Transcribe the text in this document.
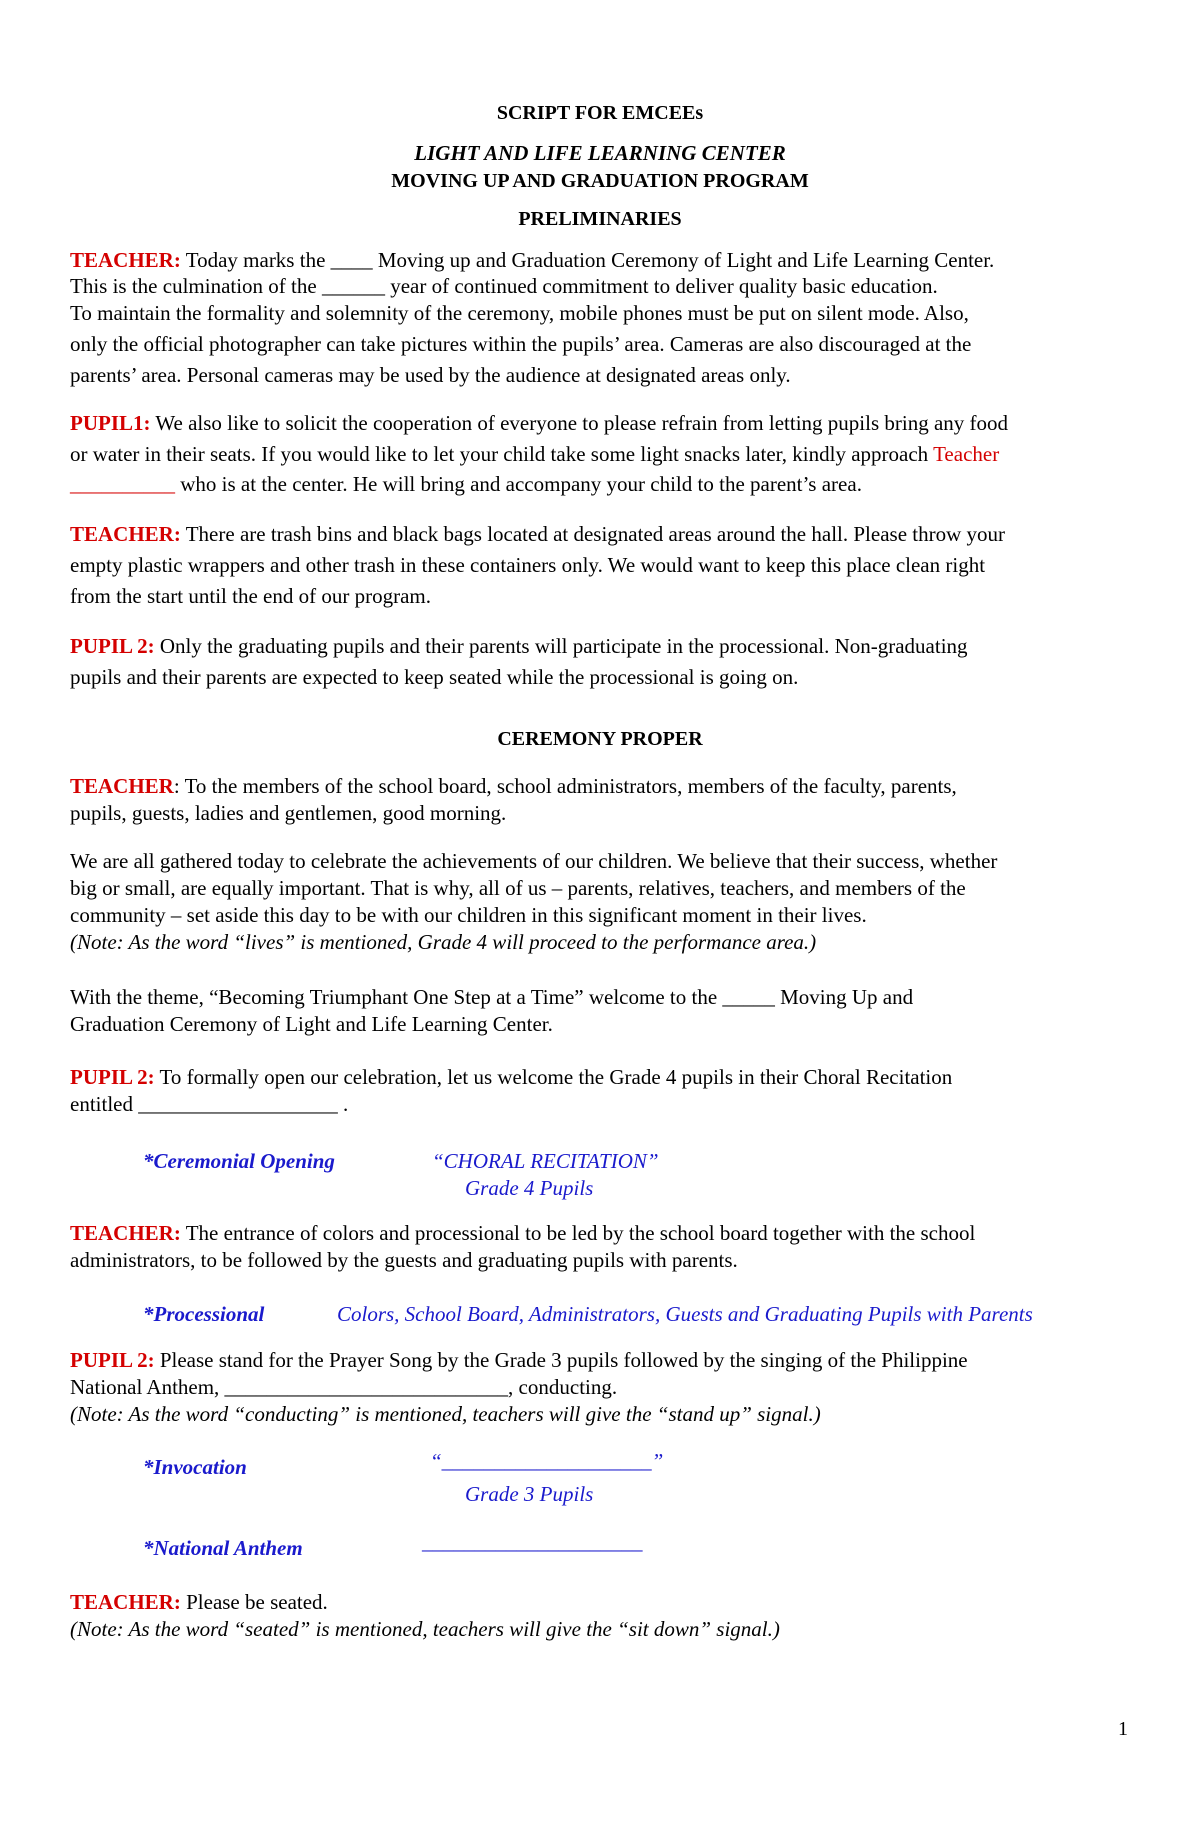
SCRIPT FOR EMCEEs
LIGHT AND LIFE LEARNING CENTER
MOVING UP AND GRADUATION PROGRAM
PRELIMINARIES
TEACHER: Today marks the ____ Moving up and Graduation Ceremony of Light and Life Learning Center.
This is the culmination of the ______ year of continued commitment to deliver quality basic education.
To maintain the formality and solemnity of the ceremony, mobile phones must be put on silent mode. Also,
only the official photographer can take pictures within the pupils’ area. Cameras are also discouraged at the
parents’ area. Personal cameras may be used by the audience at designated areas only.
PUPIL1: We also like to solicit the cooperation of everyone to please refrain from letting pupils bring any food
or water in their seats. If you would like to let your child take some light snacks later, kindly approach Teacher
__________ who is at the center. He will bring and accompany your child to the parent’s area.
TEACHER: There are trash bins and black bags located at designated areas around the hall. Please throw your
empty plastic wrappers and other trash in these containers only. We would want to keep this place clean right
from the start until the end of our program.
PUPIL 2: Only the graduating pupils and their parents will participate in the processional. Non-graduating
pupils and their parents are expected to keep seated while the processional is going on.
CEREMONY PROPER
TEACHER: To the members of the school board, school administrators, members of the faculty, parents,
pupils, guests, ladies and gentlemen, good morning.
We are all gathered today to celebrate the achievements of our children. We believe that their success, whether
big or small, are equally important. That is why, all of us – parents, relatives, teachers, and members of the
community – set aside this day to be with our children in this significant moment in their lives.
(Note: As the word “lives” is mentioned, Grade 4 will proceed to the performance area.)
With the theme, “Becoming Triumphant One Step at a Time” welcome to the _____ Moving Up and
Graduation Ceremony of Light and Life Learning Center.
PUPIL 2: To formally open our celebration, let us welcome the Grade 4 pupils in their Choral Recitation
entitled ___________________ .
*Ceremonial Opening	“CHORAL RECITATION”
Grade 4 Pupils
TEACHER: The entrance of colors and processional to be led by the school board together with the school
administrators, to be followed by the guests and graduating pupils with parents.
*Processional	Colors, School Board, Administrators, Guests and Graduating Pupils with Parents
PUPIL 2: Please stand for the Prayer Song by the Grade 3 pupils followed by the singing of the Philippine
National Anthem, ___________________________, conducting.
(Note: As the word “conducting” is mentioned, teachers will give the “stand up” signal.)
*Invocation	“____________________”
Grade 3 Pupils
*National Anthem	_____________________
TEACHER: Please be seated.
(Note: As the word “seated” is mentioned, teachers will give the “sit down” signal.)
1
